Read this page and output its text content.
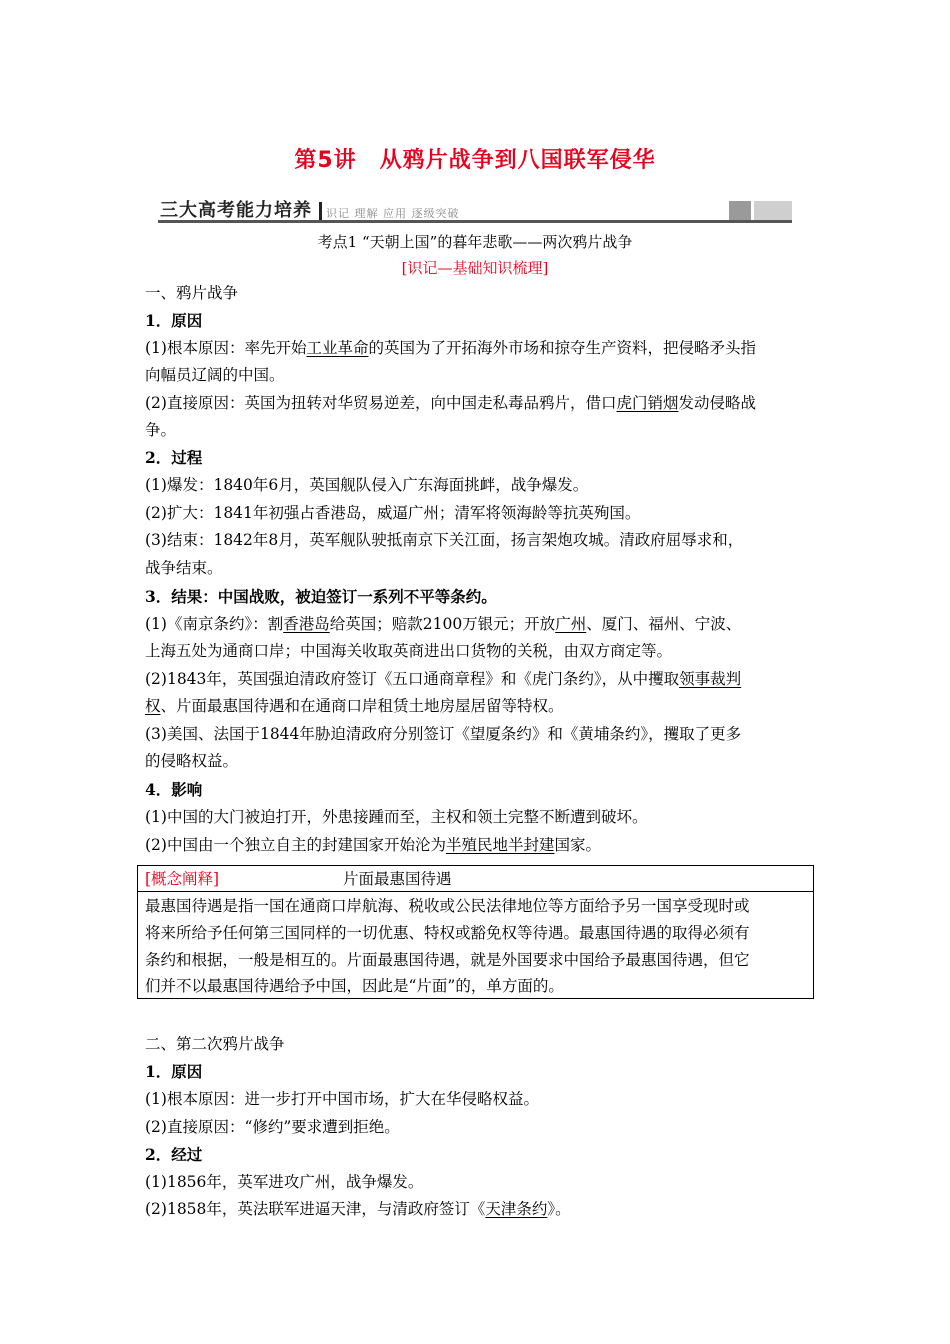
第5讲　从鸦片战争到八国联军侵华
三大高考能力培养 识记 理解 应用 逐级突破
考点1 “天朝上国”的暮年悲歌——两次鸦片战争
[识记—基础知识梳理]
一、鸦片战争
1．原因
(1)根本原因：率先开始工业革命的英国为了开拓海外市场和掠夺生产资料，把侵略矛头指
向幅员辽阔的中国。
(2)直接原因：英国为扭转对华贸易逆差，向中国走私毒品鸦片，借口虎门销烟发动侵略战
争。
2．过程
(1)爆发：1840年6月，英国舰队侵入广东海面挑衅，战争爆发。
(2)扩大：1841年初强占香港岛，威逼广州；清军将领海龄等抗英殉国。
(3)结束：1842年8月，英军舰队驶抵南京下关江面，扬言架炮攻城。清政府屈辱求和，
战争结束。
3．结果：中国战败，被迫签订一系列不平等条约。
(1)《南京条约》：割香港岛给英国；赔款2100万银元；开放广州、厦门、福州、宁波、
上海五处为通商口岸；中国海关收取英商进出口货物的关税，由双方商定等。
(2)1843年，英国强迫清政府签订《五口通商章程》和《虎门条约》，从中攫取领事裁判
权、片面最惠国待遇和在通商口岸租赁土地房屋居留等特权。
(3)美国、法国于1844年胁迫清政府分别签订《望厦条约》和《黄埔条约》，攫取了更多
的侵略权益。
4．影响
(1)中国的大门被迫打开，外患接踵而至，主权和领土完整不断遭到破坏。
(2)中国由一个独立自主的封建国家开始沦为半殖民地半封建国家。
[概念阐释]	片面最惠国待遇
最惠国待遇是指一国在通商口岸航海、税收或公民法律地位等方面给予另一国享受现时或
将来所给予任何第三国同样的一切优惠、特权或豁免权等待遇。最惠国待遇的取得必须有
条约和根据，一般是相互的。片面最惠国待遇，就是外国要求中国给予最惠国待遇，但它
们并不以最惠国待遇给予中国，因此是“片面”的，单方面的。
二、第二次鸦片战争
1．原因
(1)根本原因：进一步打开中国市场，扩大在华侵略权益。
(2)直接原因：“修约”要求遭到拒绝。
2．经过
(1)1856年，英军进攻广州，战争爆发。
(2)1858年，英法联军进逼天津，与清政府签订《天津条约》。
